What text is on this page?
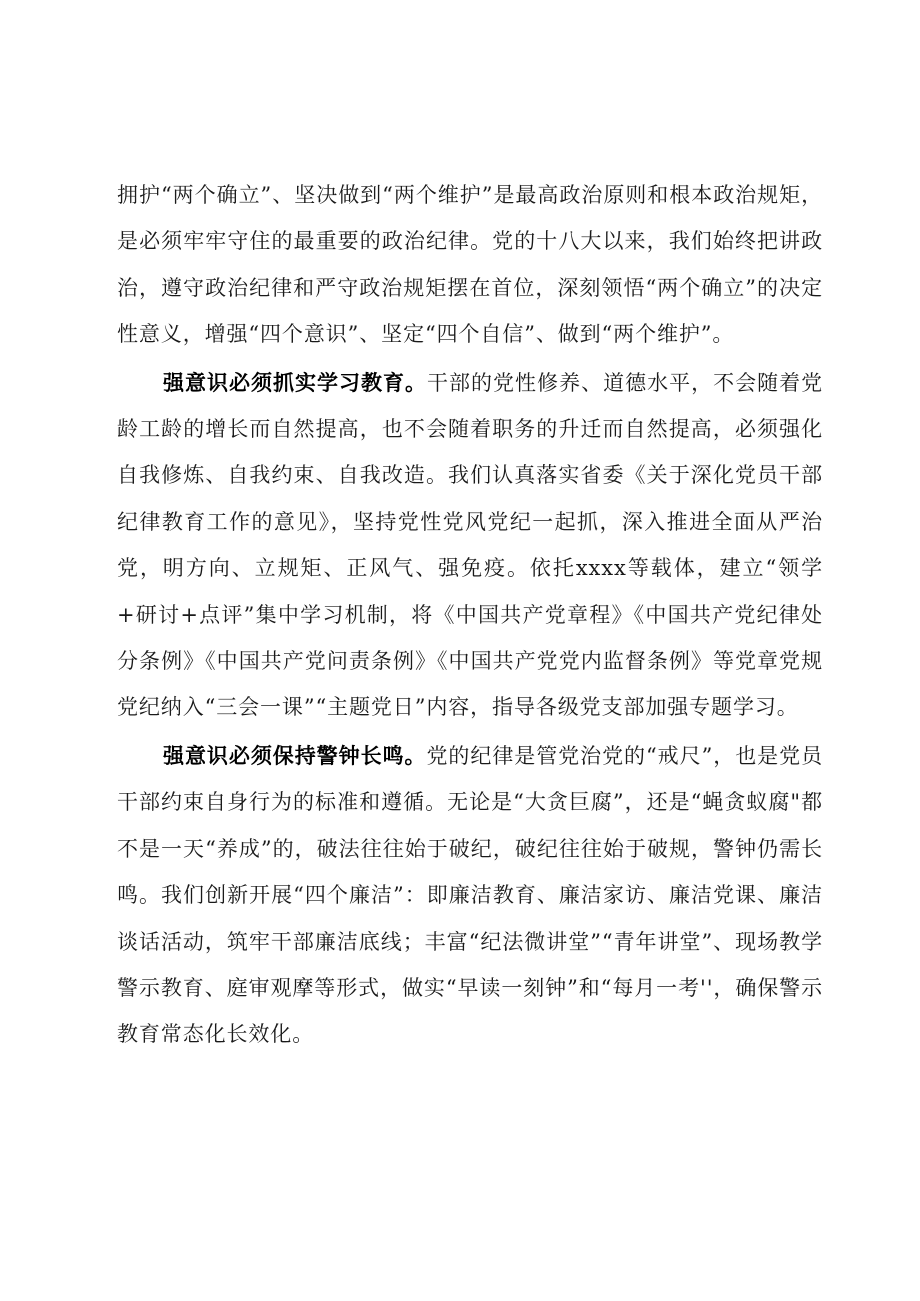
拥护“两个确立”、坚决做到“两个维护”是最高政治原则和根本政治规矩，是必须牢牢守住的最重要的政治纪律。党的十八大以来，我们始终把讲政治，遵守政治纪律和严守政治规矩摆在首位，深刻领悟“两个确立”的决定性意义，增强“四个意识”、坚定“四个自信”、做到“两个维护”。

强意识必须抓实学习教育。干部的党性修养、道德水平，不会随着党龄工龄的增长而自然提高，也不会随着职务的升迁而自然提高，必须强化自我修炼、自我约束、自我改造。我们认真落实省委《关于深化党员干部纪律教育工作的意见》，坚持党性党风党纪一起抓，深入推进全面从严治党，明方向、立规矩、正风气、强免疫。依托xxxx等载体，建立“领学+研讨+点评”集中学习机制，将《中国共产党章程》《中国共产党纪律处分条例》《中国共产党问责条例》《中国共产党党内监督条例》等党章党规党纪纳入“三会一课”“主题党日”内容，指导各级党支部加强专题学习。

强意识必须保持警钟长鸣。党的纪律是管党治党的“戒尺”，也是党员干部约束自身行为的标准和遵循。无论是“大贪巨腐”，还是“蝇贪蚁腐"都不是一天“养成”的，破法往往始于破纪，破纪往往始于破规，警钟仍需长鸣。我们创新开展“四个廉洁”：即廉洁教育、廉洁家访、廉洁党课、廉洁谈话活动，筑牢干部廉洁底线；丰富“纪法微讲堂”“青年讲堂”、现场教学警示教育、庭审观摩等形式，做实“早读一刻钟”和“每月一考''，确保警示教育常态化长效化。
